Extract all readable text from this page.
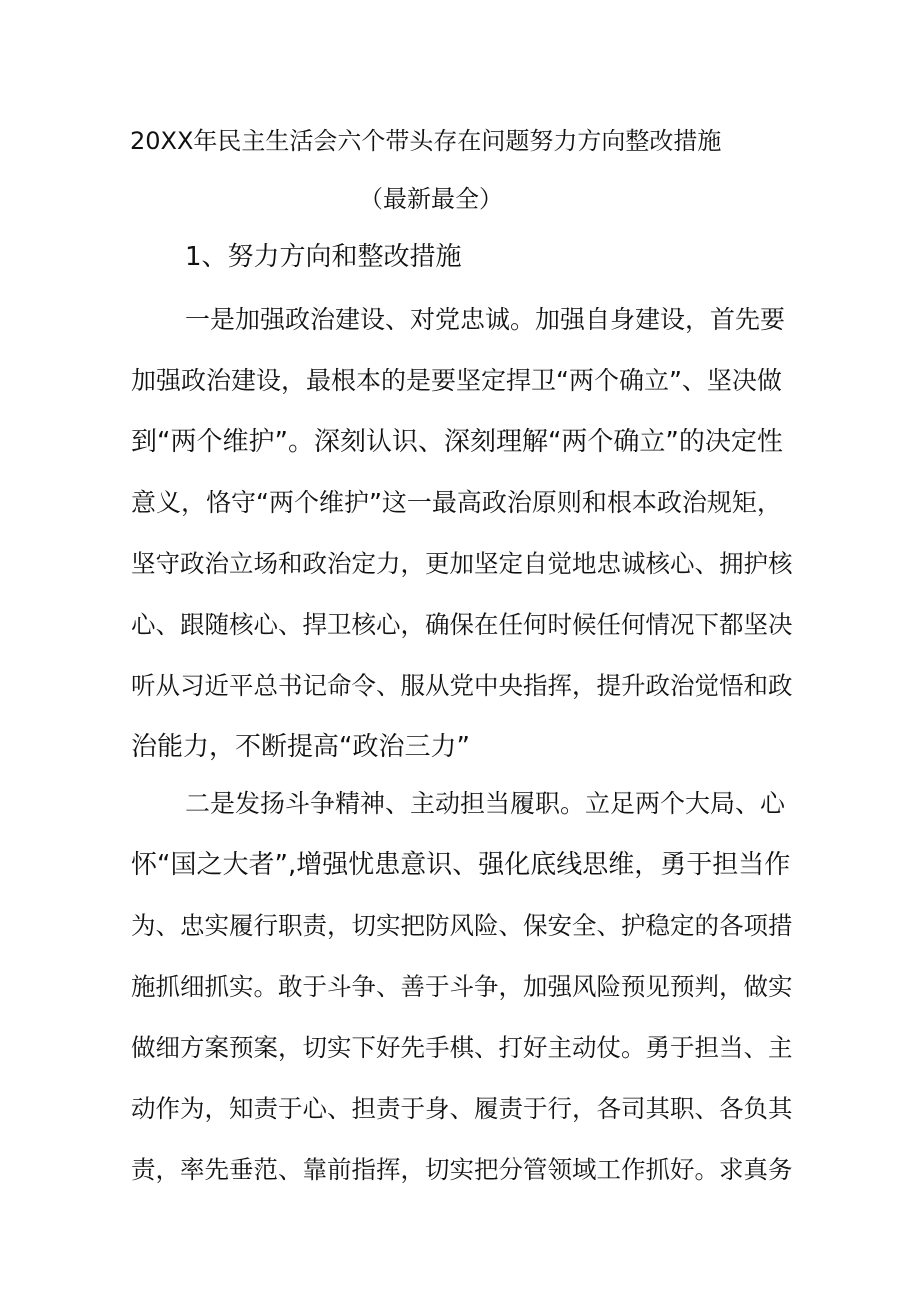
20XX年民主生活会六个带头存在问题努力方向整改措施
（最新最全）
1、努力方向和整改措施
一是加强政治建设、对党忠诚。加强自身建设，首先要
加强政治建设，最根本的是要坚定捍卫“两个确立”、坚决做
到“两个维护”。深刻认识、深刻理解“两个确立”的决定性
意义，恪守“两个维护”这一最高政治原则和根本政治规矩，
坚守政治立场和政治定力，更加坚定自觉地忠诚核心、拥护核
心、跟随核心、捍卫核心，确保在任何时候任何情况下都坚决
听从习近平总书记命令、服从党中央指挥，提升政治觉悟和政
治能力，不断提高“政治三力”
二是发扬斗争精神、主动担当履职。立足两个大局、心
怀“国之大者”,增强忧患意识、强化底线思维，勇于担当作
为、忠实履行职责，切实把防风险、保安全、护稳定的各项措
施抓细抓实。敢于斗争、善于斗争，加强风险预见预判，做实
做细方案预案，切实下好先手棋、打好主动仗。勇于担当、主
动作为，知责于心、担责于身、履责于行，各司其职、各负其
责，率先垂范、靠前指挥，切实把分管领域工作抓好。求真务
